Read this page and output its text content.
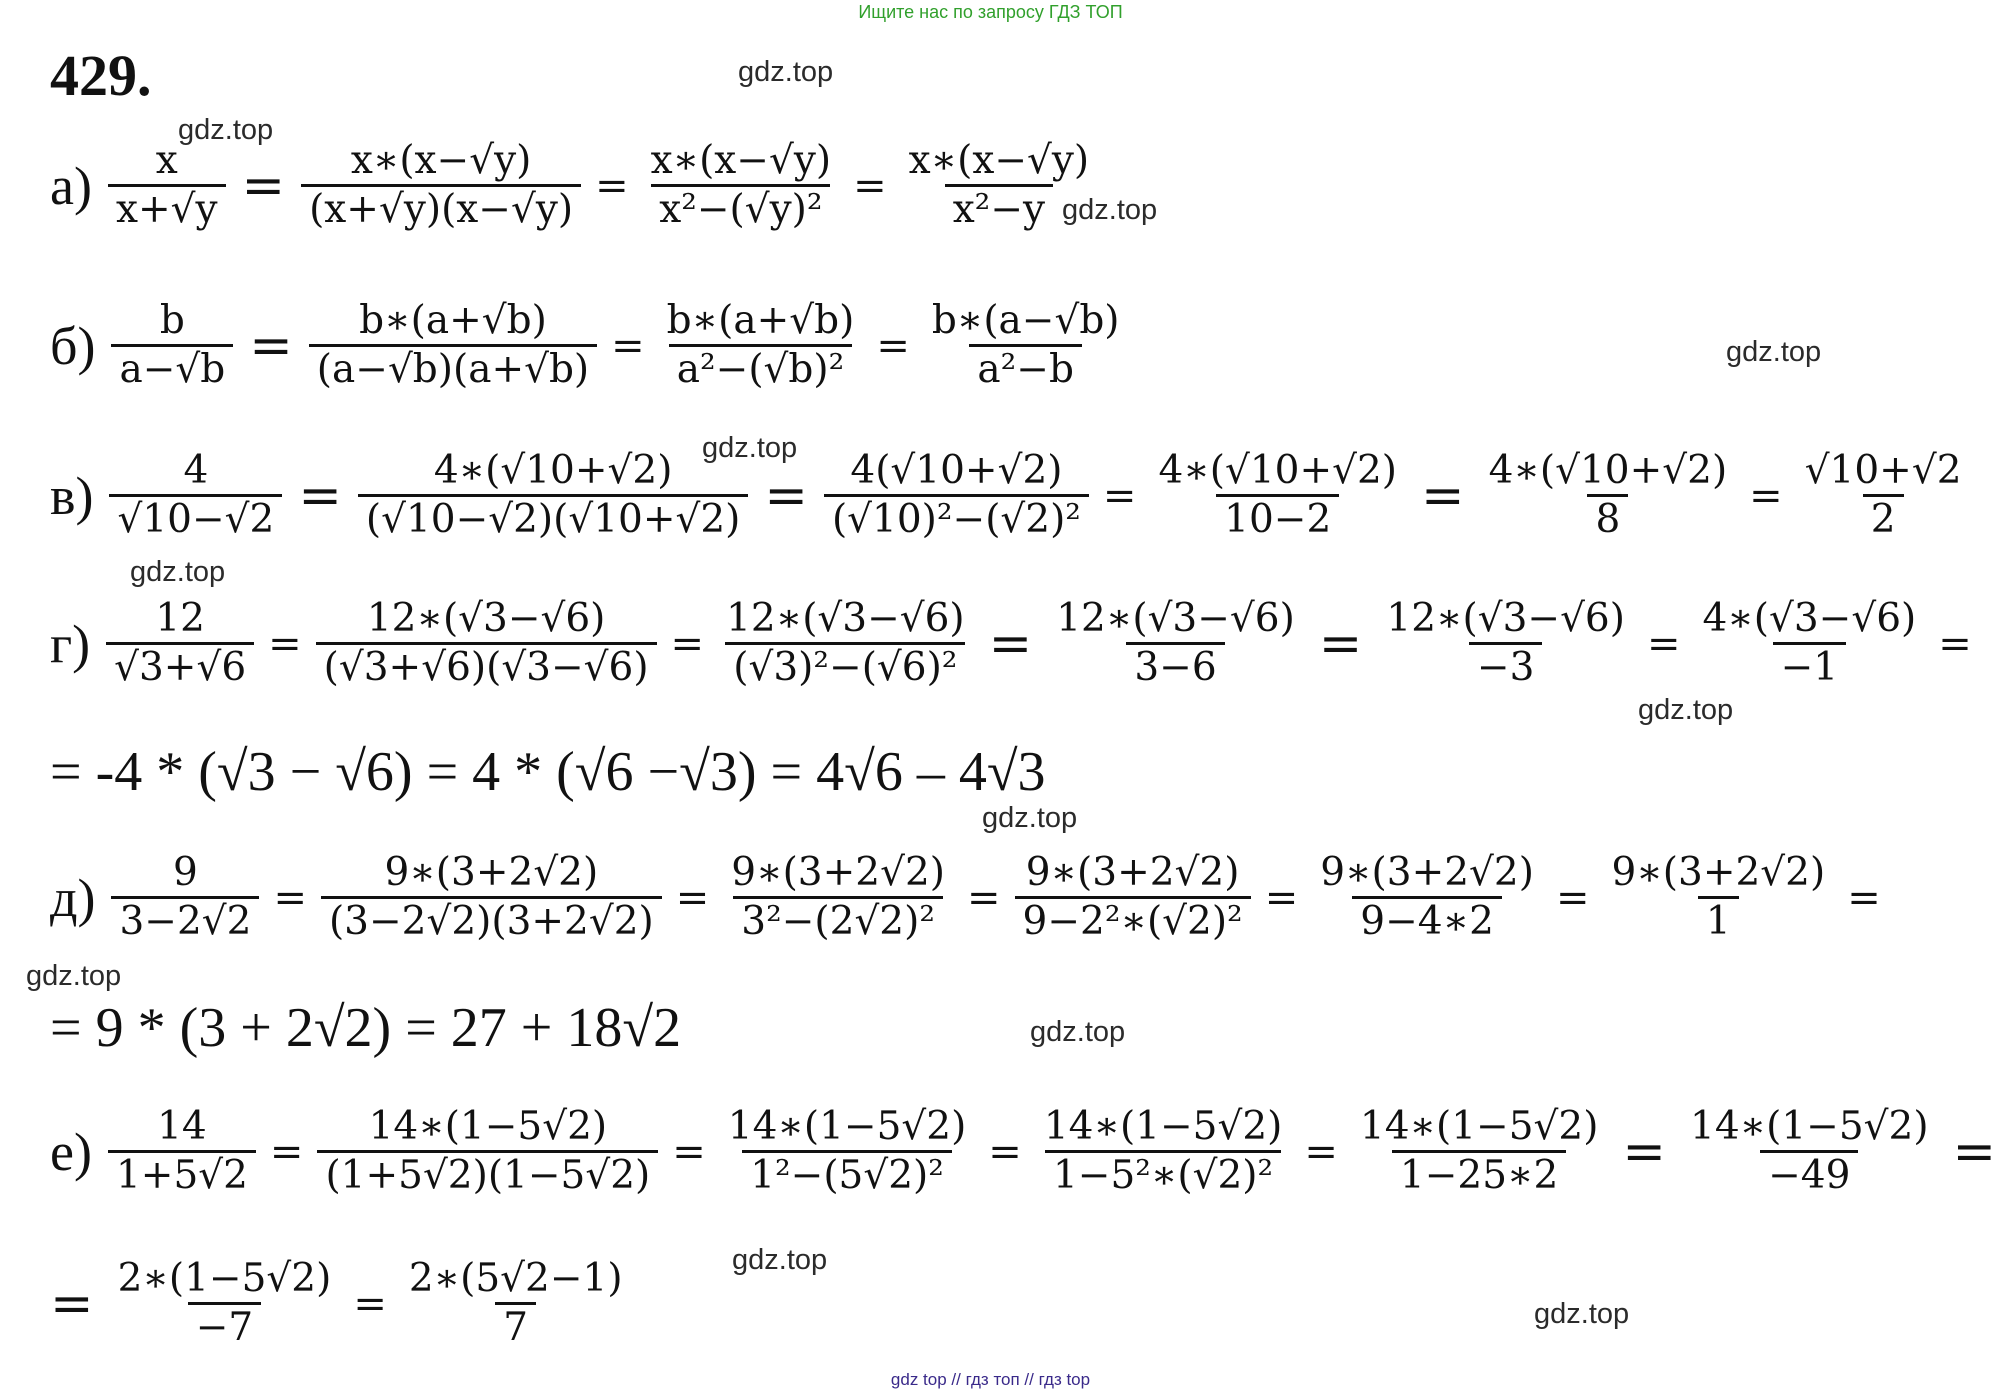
Ищите нас по запросу ГДЗ ТОП
429.	gdz.top
gdz.top
gdz.top
gdz.top
gdz.top
gdz.top
gdz.top
gdz.top
gdz.top
gdz.top
gdz.top
gdz.top
$а) \frac{x}{x+√y} = \frac{x∗(x-√y)}{(x+√y)(x-√y)} = \frac{x∗(x-√y)}{\text{x²−(√y)²}} = \frac{x∗(x-√y)}{\text{x²−y}}$
$б) \frac{b}{a-√b} = \frac{b∗(a+√b)}{(a-√b)(a+√b)} = \frac{b∗(a+√b)}{\text{a²−(√b)²}} = \frac{b∗(a-√b)}{\text{a²−b}}$
$в) \frac{4}{√10-√2} = \frac{4∗(√10+√2)}{(√10-√2)(√10+√2)} = \frac{4(√10+√2)}{\text{(√10)²−(√2)²}} = \frac{4∗(√10+√2)}{10-2} = \frac{4∗(√10+√2)}{8} = \frac{√10+√2}{2}$
$г) \frac{12}{√3+√6} = \frac{12∗(√3-√6)}{(√3+√6)(√3-√6)} = \frac{12∗(√3-√6)}{\text{(√3)²−(√6)²}} = \frac{12∗(√3-√6)}{3-6} = \frac{12∗(√3-√6)}{-3} = \frac{4∗(√3-√6)}{-1}$ =
= -4 * (√3 − √6) = 4 * (√6 −√3) = 4√6 – 4√3
$д) \frac{9}{3-2√2} = \frac{9∗(3+2√2)}{(3-2√2)(3+2√2)} = \frac{9∗(3+2√2)}{\text{3²−(2√2)²}} = \frac{9∗(3+2√2)}{\text{9−2²∗(√2)²}} = \frac{9∗(3+2√2)}{9-4∗2} = \frac{9∗(3+2√2)}{1}$ =
= 9 * (3 + 2√2) = 27 + 18√2
$е) \frac{14}{1+5√2} = \frac{14∗(1-5√2)}{(1+5√2)(1-5√2)} = \frac{14∗(1-5√2)}{\text{1²−(5√2)²}} = \frac{14∗(1-5√2)}{\text{1−5²∗(√2)²}} = \frac{14∗(1-5√2)}{1-25∗2} = \frac{14∗(1-5√2)}{-49}$ =
= $\frac{2∗(1-5√2)}{-7} = \frac{2∗(5√2-1)}{7}$
gdz top // гдз топ // гдз top
